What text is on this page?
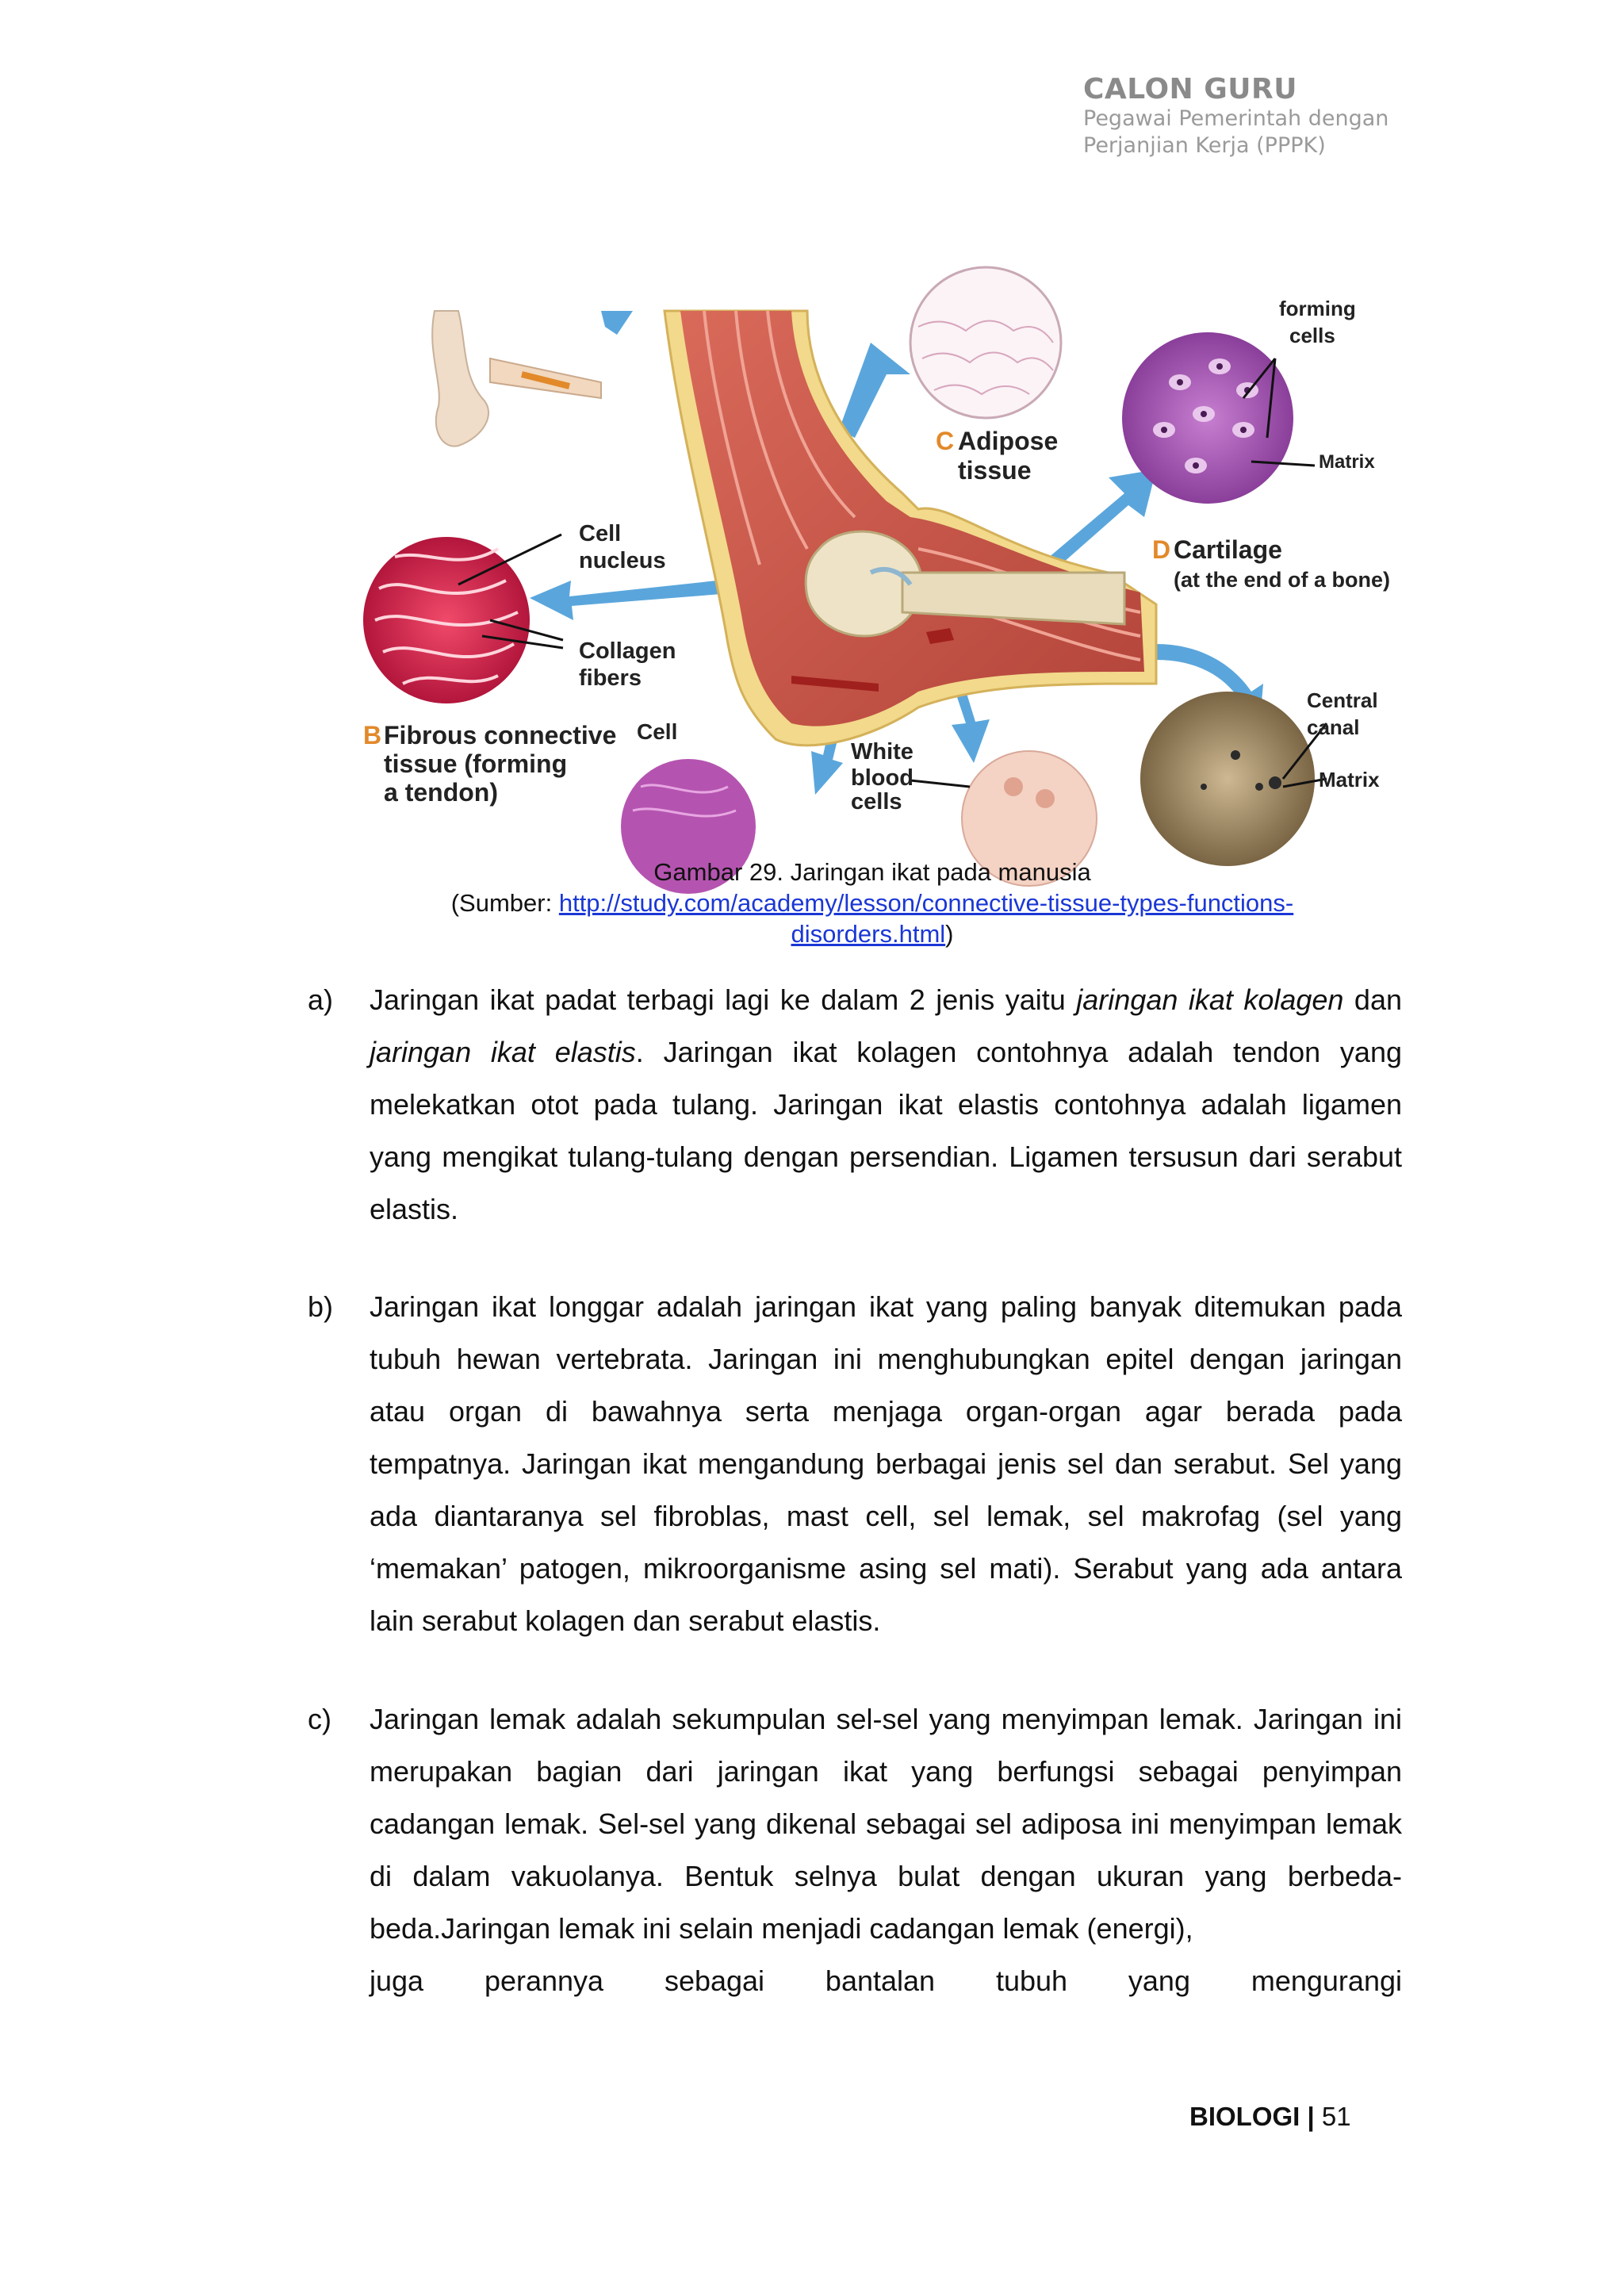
CALON GURU
Pegawai Pemerintah dengan
Perjanjian Kerja (PPPK)
forming
cells
Matrix
C Adipose
tissue
Cell
nucleus	D Cartilage
(at the end of a bone)
Collagen
fibers
Central
canal
Matrix
B Fibrous connective
tissue (forming
a tendon)
Cell
White
blood
cells
Gambar 29. Jaringan ikat pada manusia
(Sumber: http://study.com/academy/lesson/connective-tissue-types-functions-
disorders.html)
a) Jaringan ikat padat terbagi lagi ke dalam 2 jenis yaitu jaringan ikat kolagen dan jaringan ikat elastis. Jaringan ikat kolagen contohnya adalah tendon yang melekatkan otot pada tulang. Jaringan ikat elastis contohnya adalah ligamen yang mengikat tulang-tulang dengan persendian. Ligamen tersusun dari serabut elastis.
b) Jaringan ikat longgar adalah jaringan ikat yang paling banyak ditemukan pada tubuh hewan vertebrata. Jaringan ini menghubungkan epitel dengan jaringan atau organ di bawahnya serta menjaga organ-organ agar berada pada tempatnya. Jaringan ikat mengandung berbagai jenis sel dan serabut. Sel yang ada diantaranya sel fibroblas, mast cell, sel lemak, sel makrofag (sel yang ‘memakan’ patogen, mikroorganisme asing sel mati). Serabut yang ada antara lain serabut kolagen dan serabut elastis.
c) Jaringan lemak adalah sekumpulan sel-sel yang menyimpan lemak. Jaringan ini merupakan bagian dari jaringan ikat yang berfungsi sebagai penyimpan cadangan lemak. Sel-sel yang dikenal sebagai sel adiposa ini menyimpan lemak di dalam vakuolanya. Bentuk selnya bulat dengan ukuran yang berbeda-beda.Jaringan lemak ini selain menjadi cadangan lemak (energi),
juga perannya sebagai bantalan tubuh yang mengurangi
BIOLOGI | 51
